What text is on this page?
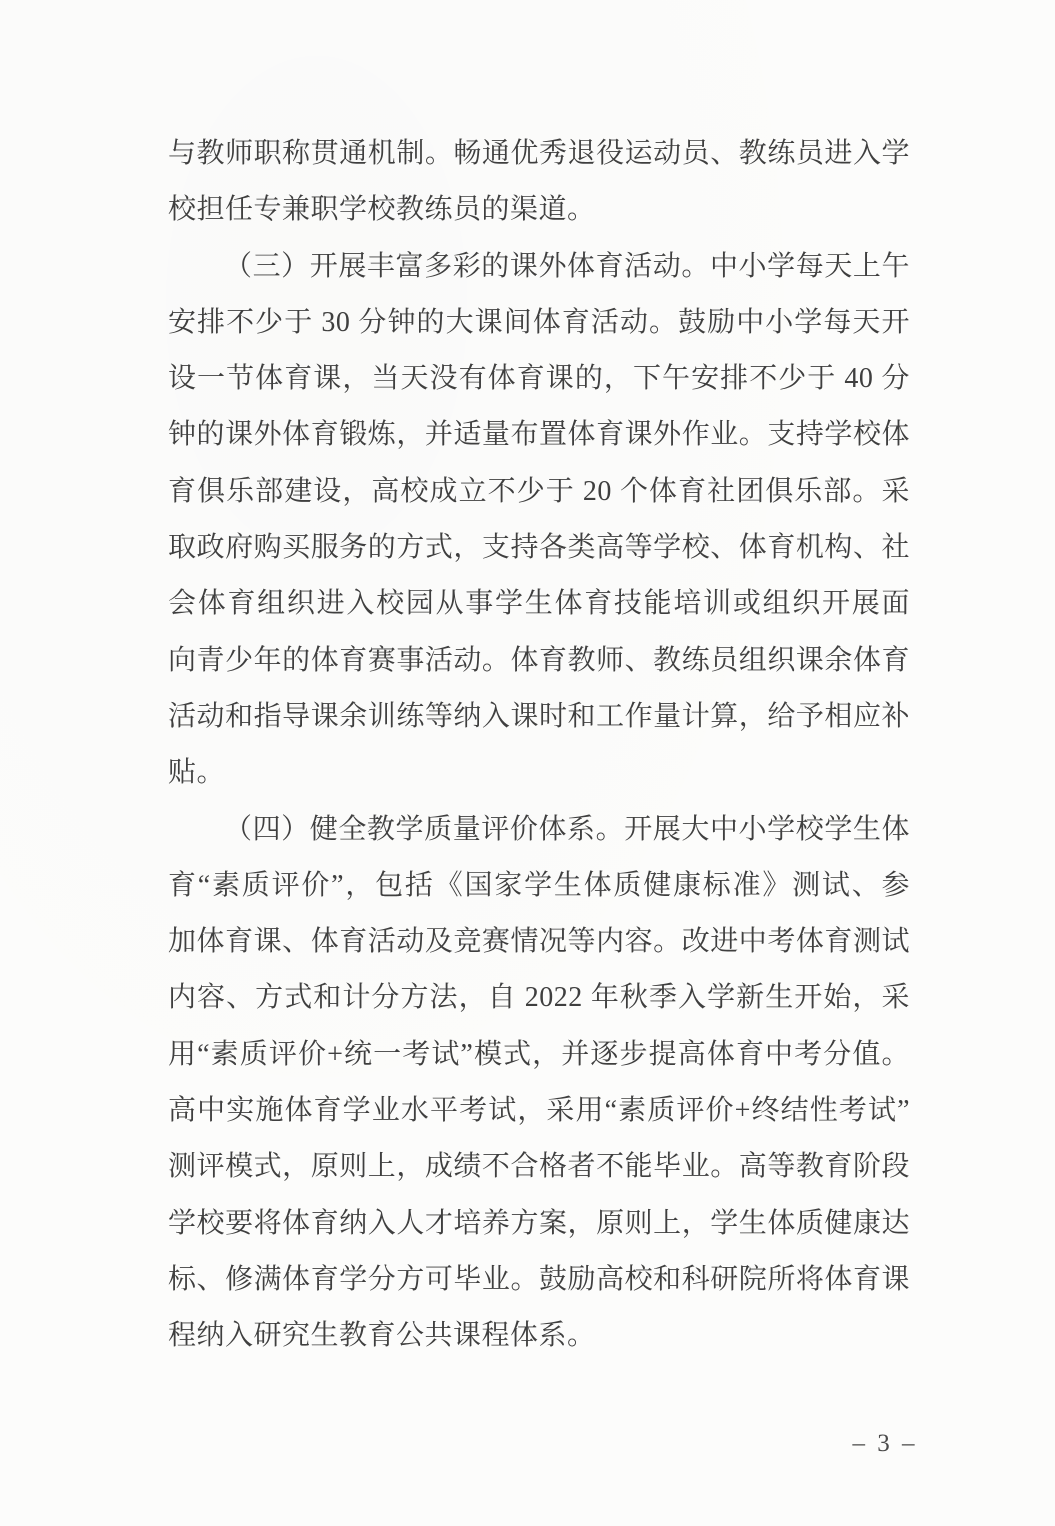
与教师职称贯通机制。畅通优秀退役运动员、教练员进入学
校担任专兼职学校教练员的渠道。
（三）开展丰富多彩的课外体育活动。中小学每天上午
安排不少于 30 分钟的大课间体育活动。鼓励中小学每天开
设一节体育课，当天没有体育课的，下午安排不少于 40 分
钟的课外体育锻炼，并适量布置体育课外作业。支持学校体
育俱乐部建设，高校成立不少于 20 个体育社团俱乐部。采
取政府购买服务的方式，支持各类高等学校、体育机构、社
会体育组织进入校园从事学生体育技能培训或组织开展面
向青少年的体育赛事活动。体育教师、教练员组织课余体育
活动和指导课余训练等纳入课时和工作量计算，给予相应补
贴。
（四）健全教学质量评价体系。开展大中小学校学生体
育“素质评价”，包括《国家学生体质健康标准》测试、参
加体育课、体育活动及竞赛情况等内容。改进中考体育测试
内容、方式和计分方法，自 2022 年秋季入学新生开始，采
用“素质评价+统一考试”模式，并逐步提高体育中考分值。
高中实施体育学业水平考试，采用“素质评价+终结性考试”
测评模式，原则上，成绩不合格者不能毕业。高等教育阶段
学校要将体育纳入人才培养方案，原则上，学生体质健康达
标、修满体育学分方可毕业。鼓励高校和科研院所将体育课
程纳入研究生教育公共课程体系。
– 3 –
